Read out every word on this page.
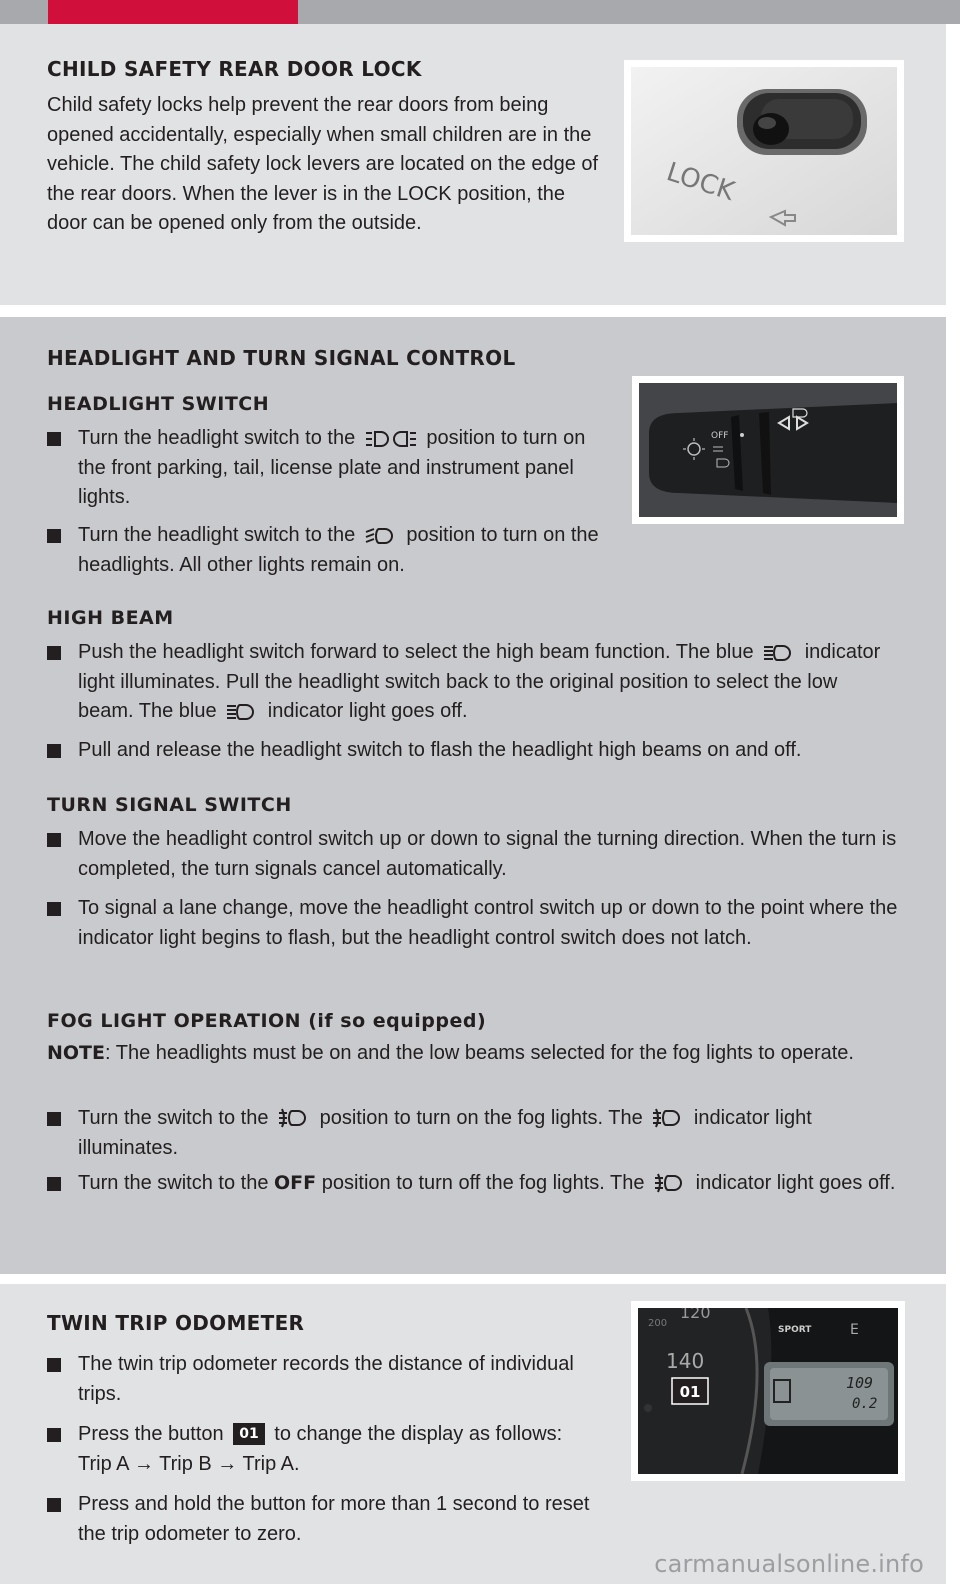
CHILD SAFETY REAR DOOR LOCK
Child safety locks help prevent the rear doors from being opened accidentally, especially when small children are in the vehicle. The child safety lock levers are located on the edge of the rear doors. When the lever is in the LOCK position, the door can be opened only from the outside.
LOCK
HEADLIGHT AND TURN SIGNAL CONTROL
HEADLIGHT SWITCH
Turn the headlight switch to the	position to turn on the front parking, tail, license plate and instrument panel lights.
Turn the headlight switch to the	position to turn on the headlights. All other lights remain on.
OFF
HIGH BEAM
Push the headlight switch forward to select the high beam function. The blue	indicator light illuminates. Pull the headlight switch back to the original position to select the low beam. The blue	indicator light goes off.
Pull and release the headlight switch to flash the headlight high beams on and off.
TURN SIGNAL SWITCH
Move the headlight control switch up or down to signal the turning direction. When the turn is completed, the turn signals cancel automatically.
To signal a lane change, move the headlight control switch up or down to the point where the indicator light begins to flash, but the headlight control switch does not latch.
FOG LIGHT OPERATION (if so equipped)
NOTE: The headlights must be on and the low beams selected for the fog lights to operate.
Turn the switch to the	position to turn on the fog lights. The	indicator light illuminates.
Turn the switch to the OFF position to turn off the fog lights. The	indicator light goes off.
TWIN TRIP ODOMETER
The twin trip odometer records the distance of individual trips.
Press the button 01 to change the display as follows: Trip A → Trip B → Trip A.
Press and hold the button for more than 1 second to reset the trip odometer to zero.
200
120
140
SPORT	E
109
0.2
01
carmanualsonline.info
